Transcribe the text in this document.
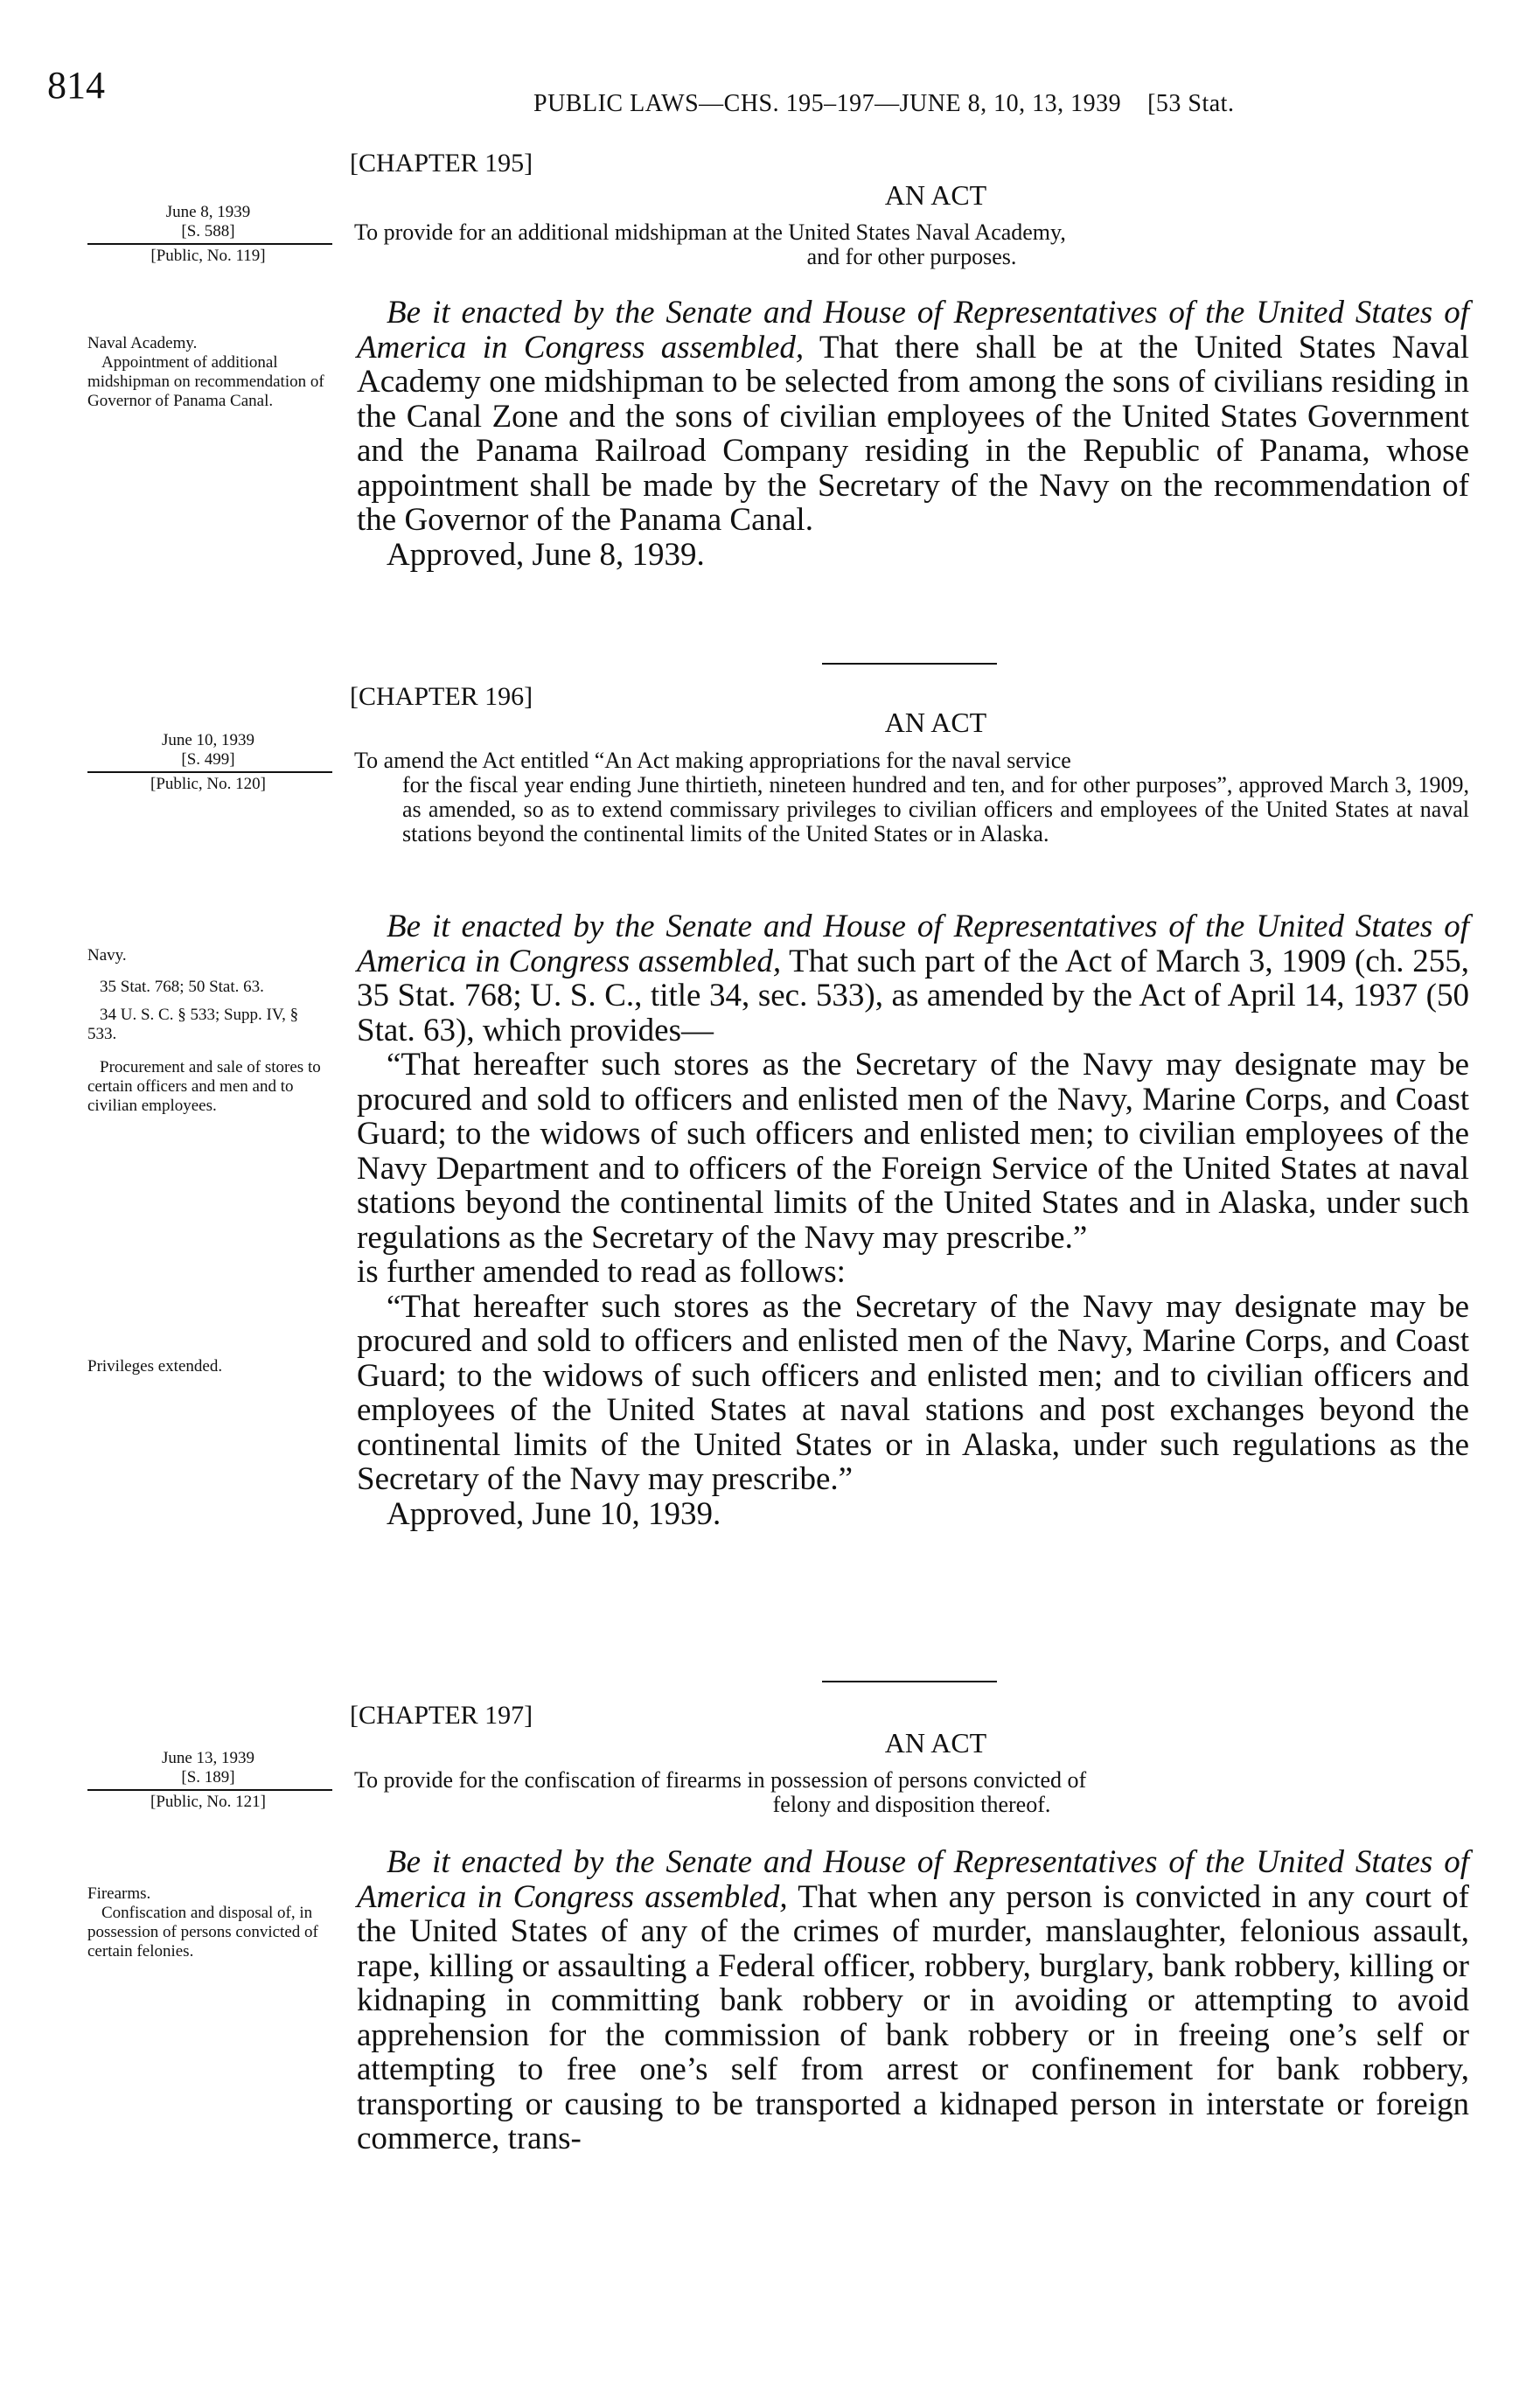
814	PUBLIC LAWS—CHS. 195–197—JUNE 8, 10, 13, 1939 [53 Stat.
[CHAPTER 195]
AN ACT
June 8, 1939
[S. 588]
[Public, No. 119]
To provide for an additional midshipman at the United States Naval Academy,
and for other purposes.
Naval Academy.
Appointment of additional midshipman on recommendation of Governor of Panama Canal.

Be it enacted by the Senate and House of Representatives of the United States of America in Congress assembled, That there shall be at the United States Naval Academy one midshipman to be selected from among the sons of civilians residing in the Canal Zone and the sons of civilian employees of the United States Government and the Panama Railroad Company residing in the Republic of Panama, whose appointment shall be made by the Secretary of the Navy on the recommendation of the Governor of the Panama Canal.

Approved, June 8, 1939.

[CHAPTER 196]
AN ACT
June 10, 1939
[S. 499]
[Public, No. 120]
To amend the Act entitled “An Act making appropriations for the naval service
for the fiscal year ending June thirtieth, nineteen hundred and ten, and for other purposes”, approved March 3, 1909, as amended, so as to extend commissary privileges to civilian officers and employees of the United States at naval stations beyond the continental limits of the United States or in Alaska.
Navy.
35 Stat. 768; 50 Stat. 63.
34 U. S. C. § 533; Supp. IV, § 533.
Procurement and sale of stores to certain officers and men and to civilian employees.
Privileges extended.

Be it enacted by the Senate and House of Representatives of the United States of America in Congress assembled, That such part of the Act of March 3, 1909 (ch. 255, 35 Stat. 768; U. S. C., title 34, sec. 533), as amended by the Act of April 14, 1937 (50 Stat. 63), which provides—

“That hereafter such stores as the Secretary of the Navy may designate may be procured and sold to officers and enlisted men of the Navy, Marine Corps, and Coast Guard; to the widows of such officers and enlisted men; to civilian employees of the Navy Department and to officers of the Foreign Service of the United States at naval stations beyond the continental limits of the United States and in Alaska, under such regulations as the Secretary of the Navy may prescribe.”

is further amended to read as follows:

“That hereafter such stores as the Secretary of the Navy may designate may be procured and sold to officers and enlisted men of the Navy, Marine Corps, and Coast Guard; to the widows of such officers and enlisted men; and to civilian officers and employees of the United States at naval stations and post exchanges beyond the continental limits of the United States or in Alaska, under such regulations as the Secretary of the Navy may prescribe.”

Approved, June 10, 1939.

[CHAPTER 197]
AN ACT
June 13, 1939
[S. 189]
[Public, No. 121]
To provide for the confiscation of firearms in possession of persons convicted of
felony and disposition thereof.
Firearms.
Confiscation and disposal of, in possession of persons convicted of certain felonies.

Be it enacted by the Senate and House of Representatives of the United States of America in Congress assembled, That when any person is convicted in any court of the United States of any of the crimes of murder, manslaughter, felonious assault, rape, killing or assaulting a Federal officer, robbery, burglary, bank robbery, killing or kidnaping in committing bank robbery or in avoiding or attempting to avoid apprehension for the commission of bank robbery or in freeing one’s self or attempting to free one’s self from arrest or confinement for bank robbery, transporting or causing to be transported a kidnaped person in interstate or foreign commerce, trans-
